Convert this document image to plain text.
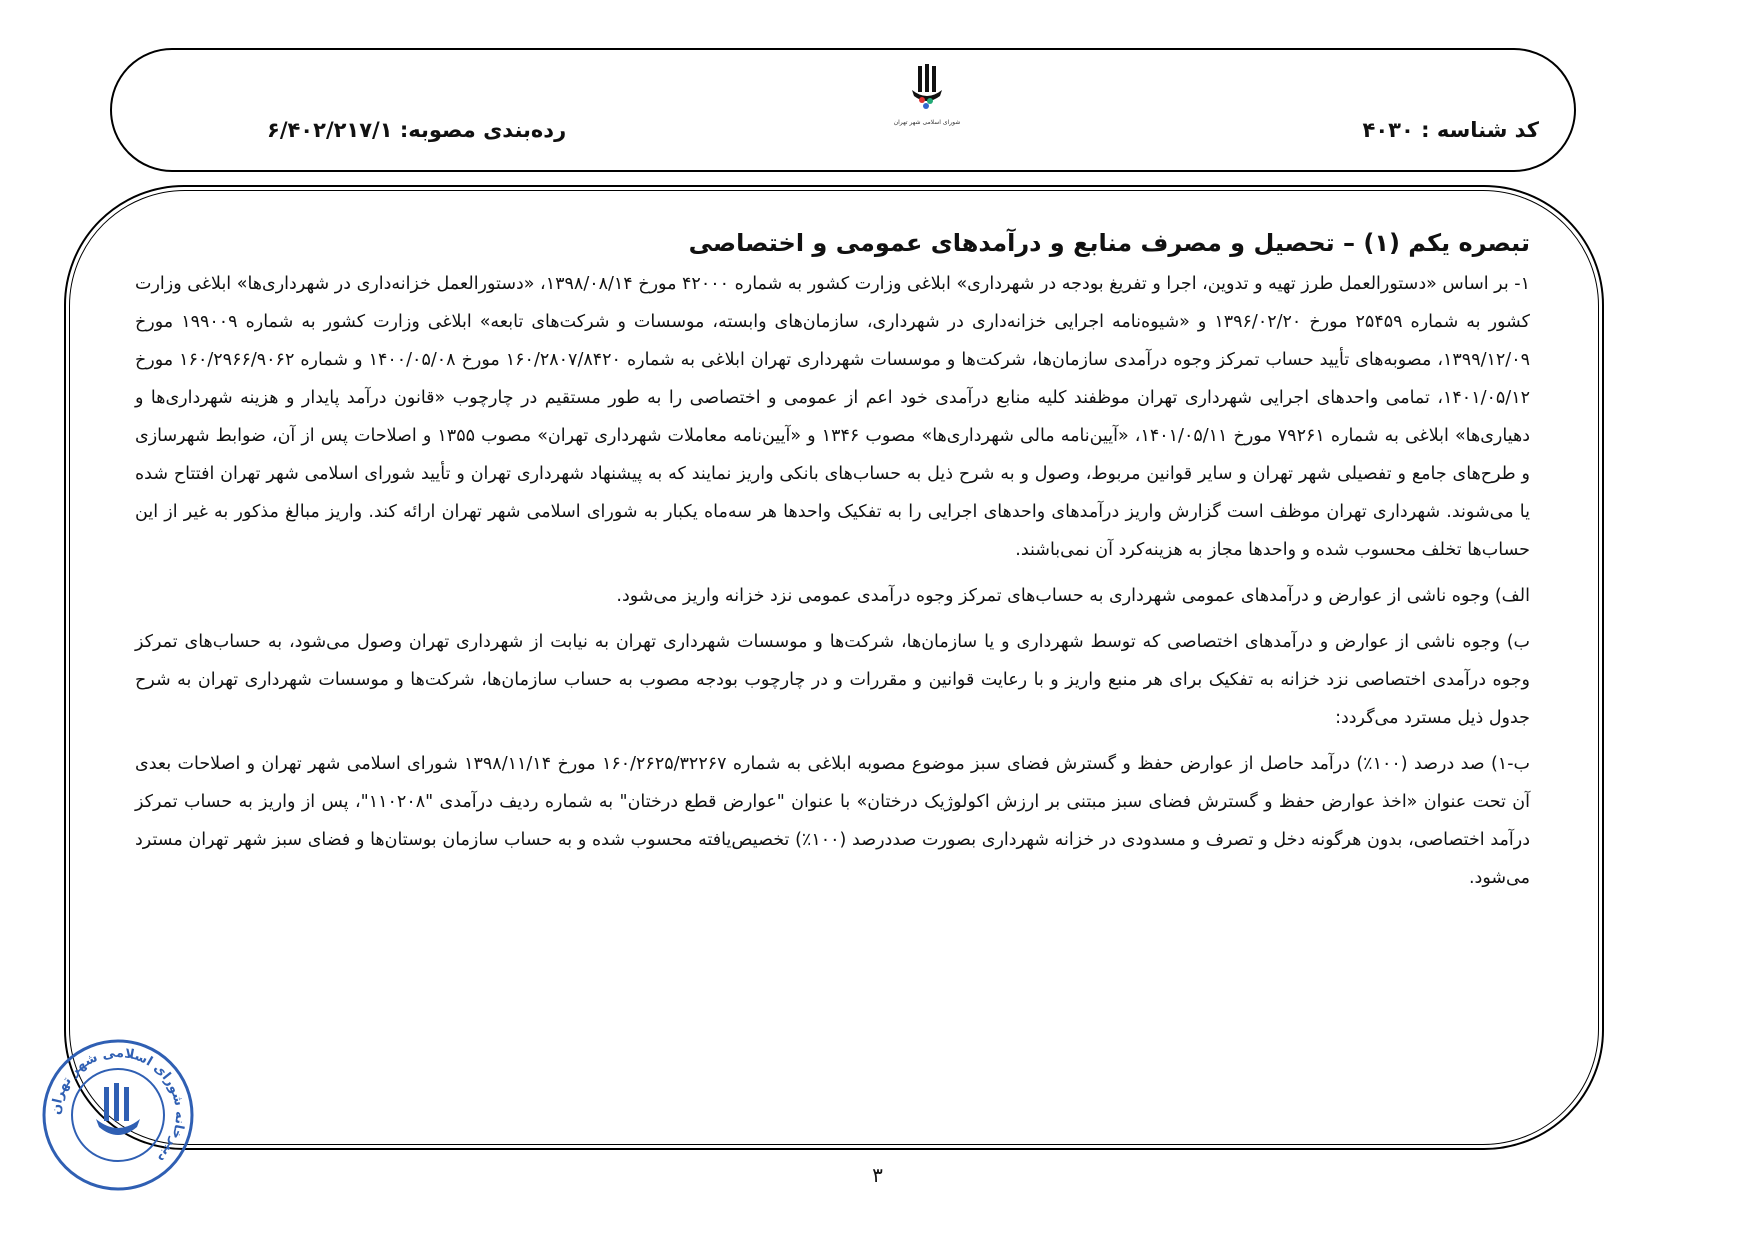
کد شناسه : ۴۰۳۰
شورای اسلامی شهر تهران
رده‌بندی مصوبه: ۶/۴۰۲/۲۱۷/۱
تبصره یکم (۱) – تحصیل و مصرف منابع و درآمدهای عمومی و اختصاصی

۱- بر اساس «دستورالعمل طرز تهیه و تدوین، اجرا و تفریغ بودجه در شهرداری» ابلاغی وزارت کشور به شماره ۴۲۰۰۰ مورخ ۱۳۹۸/۰۸/۱۴، «دستورالعمل خزانه‌داری در شهرداری‌ها» ابلاغی وزارت کشور به شماره ۲۵۴۵۹ مورخ ۱۳۹۶/۰۲/۲۰ و «شیوه‌نامه اجرایی خزانه‌داری در شهرداری، سازمان‌های وابسته، موسسات و شرکت‌های تابعه» ابلاغی وزارت کشور به شماره ۱۹۹۰۰۹ مورخ ۱۳۹۹/۱۲/۰۹، مصوبه‌های تأیید حساب تمرکز وجوه درآمدی سازمان‌ها، شرکت‌ها و موسسات شهرداری تهران ابلاغی به شماره ۱۶۰/۲۸۰۷/۸۴۲۰ مورخ ۱۴۰۰/۰۵/۰۸ و شماره ۱۶۰/۲۹۶۶/۹۰۶۲ مورخ ۱۴۰۱/۰۵/۱۲، تمامی واحدهای اجرایی شهرداری تهران موظفند کلیه منابع درآمدی خود اعم از عمومی و اختصاصی را به طور مستقیم در چارچوب «قانون درآمد پایدار و هزینه شهرداری‌ها و دهیاری‌ها» ابلاغی به شماره ۷۹۲۶۱ مورخ ۱۴۰۱/۰۵/۱۱، «آیین‌نامه مالی شهرداری‌ها» مصوب ۱۳۴۶ و «آیین‌نامه معاملات شهرداری تهران» مصوب ۱۳۵۵ و اصلاحات پس از آن، ضوابط شهرسازی و طرح‌های جامع و تفصیلی شهر تهران و سایر قوانین مربوط، وصول و به شرح ذیل به حساب‌های بانکی واریز نمایند که به پیشنهاد شهرداری تهران و تأیید شورای اسلامی شهر تهران افتتاح شده یا می‌شوند. شهرداری تهران موظف است گزارش واریز درآمدهای واحدهای اجرایی را به تفکیک واحدها هر سه‌ماه یکبار به شورای اسلامی شهر تهران ارائه کند. واریز مبالغ مذکور به غیر از این حساب‌ها تخلف محسوب شده و واحدها مجاز به هزینه‌کرد آن نمی‌باشند.

الف) وجوه ناشی از عوارض و درآمدهای عمومی شهرداری به حساب‌های تمرکز وجوه درآمدی عمومی نزد خزانه واریز می‌شود.

ب) وجوه ناشی از عوارض و درآمدهای اختصاصی که توسط شهرداری و یا سازمان‌ها، شرکت‌ها و موسسات شهرداری تهران به نیابت از شهرداری تهران وصول می‌شود، به حساب‌های تمرکز وجوه درآمدی اختصاصی نزد خزانه به تفکیک برای هر منبع واریز و با رعایت قوانین و مقررات و در چارچوب بودجه مصوب به حساب سازمان‌ها، شرکت‌ها و موسسات شهرداری تهران به شرح جدول ذیل مسترد می‌گردد:

ب-۱) صد درصد (۱۰۰٪) درآمد حاصل از عوارض حفظ و گسترش فضای سبز موضوع مصوبه ابلاغی به شماره ۱۶۰/۲۶۲۵/۳۲۲۶۷ مورخ ۱۳۹۸/۱۱/۱۴ شورای اسلامی شهر تهران و اصلاحات بعدی آن تحت عنوان «اخذ عوارض حفظ و گسترش فضای سبز مبتنی بر ارزش اکولوژیک درختان» با عنوان "عوارض قطع درختان" به شماره ردیف درآمدی "۱۱۰۲۰۸"، پس از واریز به حساب تمرکز درآمد اختصاصی، بدون هرگونه دخل و تصرف و مسدودی در خزانه شهرداری بصورت صددرصد (۱۰۰٪) تخصیص‌یافته محسوب شده و به حساب سازمان بوستان‌ها و فضای سبز شهر تهران مسترد می‌شود.

دبیرخانه شورای اسلامی شهر تهران
۳
